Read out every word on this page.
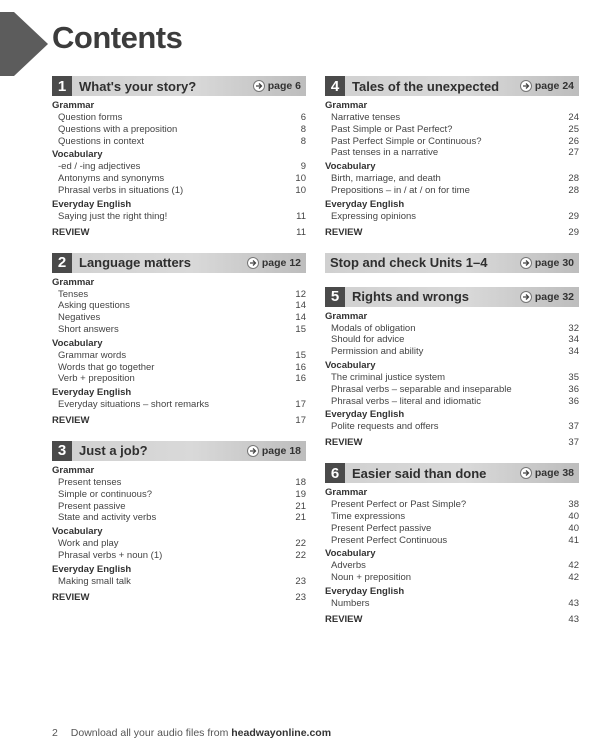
Contents
1 What's your story?	page 6
Grammar
Question forms	6
Questions with a preposition	8
Questions in context	8
Vocabulary
-ed / -ing adjectives	9
Antonyms and synonyms	10
Phrasal verbs in situations (1)	10
Everyday English
Saying just the right thing!	11
REVIEW	11
2 Language matters	page 12
Grammar
Tenses	12
Asking questions	14
Negatives	14
Short answers	15
Vocabulary
Grammar words	15
Words that go together	16
Verb + preposition	16
Everyday English
Everyday situations – short remarks	17
REVIEW	17
3 Just a job?	page 18
Grammar
Present tenses	18
Simple or continuous?	19
Present passive	21
State and activity verbs	21
Vocabulary
Work and play	22
Phrasal verbs + noun (1)	22
Everyday English
Making small talk	23
REVIEW	23
4 Tales of the unexpected	page 24
Grammar
Narrative tenses	24
Past Simple or Past Perfect?	25
Past Perfect Simple or Continuous?	26
Past tenses in a narrative	27
Vocabulary
Birth, marriage, and death	28
Prepositions – in / at / on for time	28
Everyday English
Expressing opinions	29
REVIEW	29
Stop and check Units 1–4	page 30
5 Rights and wrongs	page 32
Grammar
Modals of obligation	32
Should for advice	34
Permission and ability	34
Vocabulary
The criminal justice system	35
Phrasal verbs – separable and inseparable	36
Phrasal verbs – literal and idiomatic	36
Everyday English
Polite requests and offers	37
REVIEW	37
6 Easier said than done	page 38
Grammar
Present Perfect or Past Simple?	38
Time expressions	40
Present Perfect passive	40
Present Perfect Continuous	41
Vocabulary
Adverbs	42
Noun + preposition	42
Everyday English
Numbers	43
REVIEW	43
2 Download all your audio files from headwayonline.com
